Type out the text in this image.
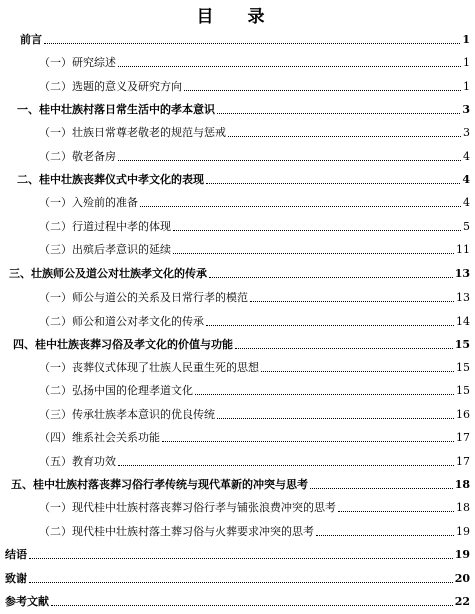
目 录
前言	1
（一）研究综述	1
（二）选题的意义及研究方向	1
一、桂中壮族村落日常生活中的孝本意识	3
（一）壮族日常尊老敬老的规范与惩戒	3
（二）敬老备房	4
二、桂中壮族丧葬仪式中孝文化的表现	4
（一）入殓前的准备	4
（二）行道过程中孝的体现	5
（三）出殡后孝意识的延续	11
三、壮族师公及道公对壮族孝文化的传承	13
（一）师公与道公的关系及日常行孝的模范	13
（二）师公和道公对孝文化的传承	14
四、桂中壮族丧葬习俗及孝文化的价值与功能	15
（一）丧葬仪式体现了壮族人民重生死的思想	15
（二）弘扬中国的伦理孝道文化	15
（三）传承壮族孝本意识的优良传统	16
（四）维系社会关系功能	17
（五）教育功效	17
五、桂中壮族村落丧葬习俗行孝传统与现代革新的冲突与思考	18
（一）现代桂中壮族村落丧葬习俗行孝与铺张浪费冲突的思考	18
（二）现代桂中壮族村落土葬习俗与火葬要求冲突的思考	19
结语	19
致谢	20
参考文献	22
